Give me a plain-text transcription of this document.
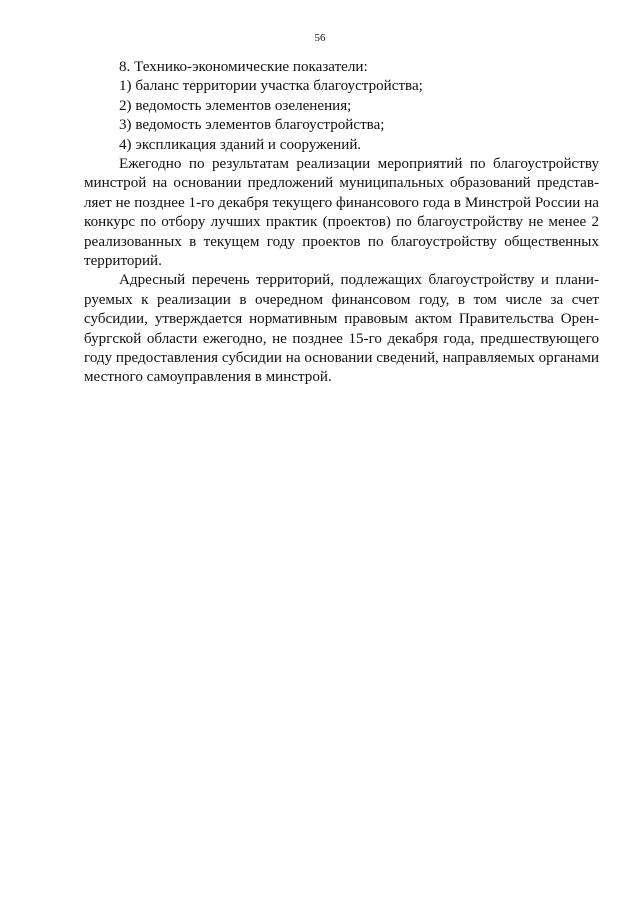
56
8. Технико-экономические показатели:
1) баланс территории участка благоустройства;
2) ведомость элементов озеленения;
3) ведомость элементов благоустройства;
4) экспликация зданий и сооружений.
Ежегодно по результатам реализации мероприятий по благоустройству
минстрой на основании предложений муниципальных образований представ-
ляет не позднее 1-го декабря текущего финансового года в Минстрой России на
конкурс по отбору лучших практик (проектов) по благоустройству не менее 2
реализованных в текущем году проектов по благоустройству общественных
территорий.
Адресный перечень территорий, подлежащих благоустройству и плани-
руемых к реализации в очередном финансовом году, в том числе за счет
субсидии, утверждается нормативным правовым актом Правительства Орен-
бургской области ежегодно, не позднее 15-го декабря года, предшествующего
году предоставления субсидии на основании сведений, направляемых органами
местного самоуправления в минстрой.
